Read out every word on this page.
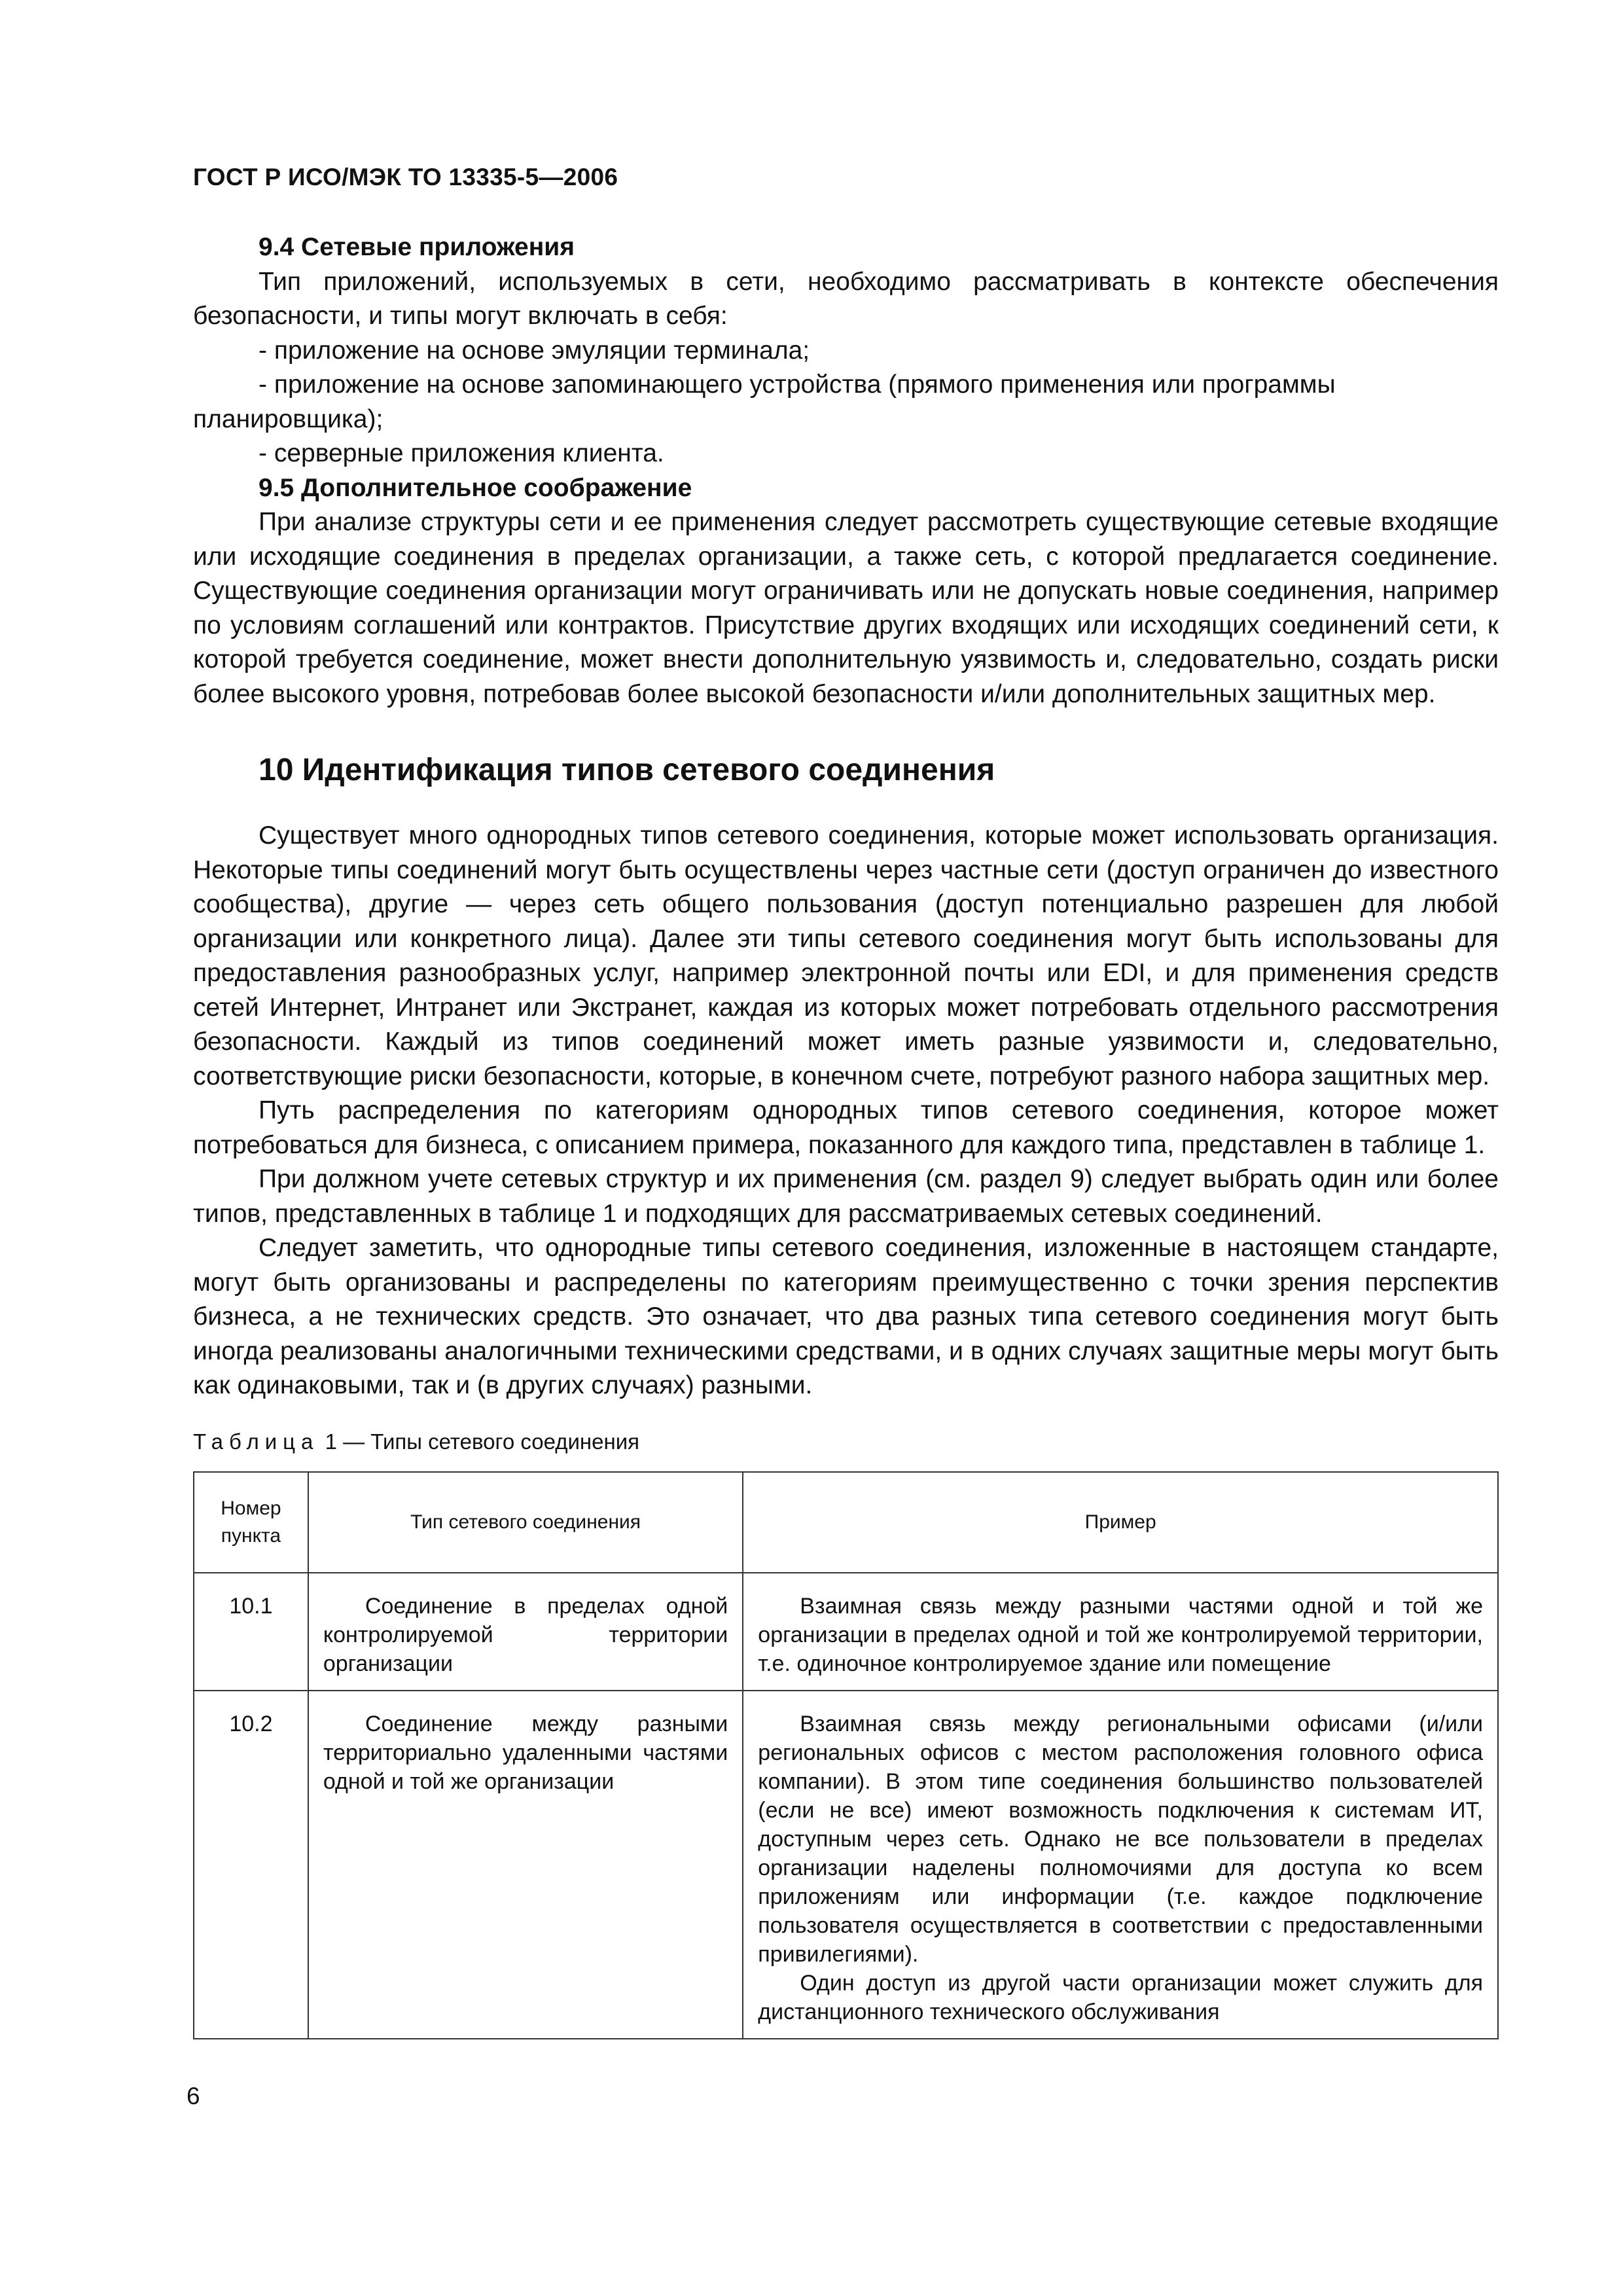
ГОСТ Р ИСО/МЭК ТО 13335-5—2006
9.4 Сетевые приложения

Тип приложений, используемых в сети, необходимо рассматривать в контексте обеспечения безопасности, и типы могут включать в себя:

- приложение на основе эмуляции терминала;

- приложение на основе запоминающего устройства (прямого применения или программы планировщика);

- серверные приложения клиента.

9.5 Дополнительное соображение

При анализе структуры сети и ее применения следует рассмотреть существующие сетевые входящие или исходящие соединения в пределах организации, а также сеть, с которой предлагается соединение. Существующие соединения организации могут ограничивать или не допускать новые соединения, например по условиям соглашений или контрактов. Присутствие других входящих или исходящих соединений сети, к которой требуется соединение, может внести дополнительную уязвимость и, следовательно, создать риски более высокого уровня, потребовав более высокой безопасности и/или дополнительных защитных мер.

10 Идентификация типов сетевого соединения

Существует много однородных типов сетевого соединения, которые может использовать организация. Некоторые типы соединений могут быть осуществлены через частные сети (доступ ограничен до известного сообщества), другие — через сеть общего пользования (доступ потенциально разрешен для любой организации или конкретного лица). Далее эти типы сетевого соединения могут быть использованы для предоставления разнообразных услуг, например электронной почты или EDI, и для применения средств сетей Интернет, Интранет или Экстранет, каждая из которых может потребовать отдельного рассмотрения безопасности. Каждый из типов соединений может иметь разные уязвимости и, следовательно, соответствующие риски безопасности, которые, в конечном счете, потребуют разного набора защитных мер.

Путь распределения по категориям однородных типов сетевого соединения, которое может потребоваться для бизнеса, с описанием примера, показанного для каждого типа, представлен в таблице 1.

При должном учете сетевых структур и их применения (см. раздел 9) следует выбрать один или более типов, представленных в таблице 1 и подходящих для рассматриваемых сетевых соединений.

Следует заметить, что однородные типы сетевого соединения, изложенные в настоящем стандарте, могут быть организованы и распределены по категориям преимущественно с точки зрения перспектив бизнеса, а не технических средств. Это означает, что два разных типа сетевого соединения могут быть иногда реализованы аналогичными техническими средствами, и в одних случаях защитные меры могут быть как одинаковыми, так и (в других случаях) разными.

Таблица 1 — Типы сетевого соединения
Номер
пункта	Тип сетевого соединения	Пример
10.1	Соединение в пределах одной контролируемой территории организации	Взаимная связь между разными частями одной и той же организации в пределах одной и той же контролируемой территории, т.е. одиночное контролируемое здание или помещение

10.2	Соединение между разными территориально удаленными частями одной и той же организации	Взаимная связь между региональными офисами (и/или региональных офисов с местом расположения головного офиса компании). В этом типе соединения большинство пользователей (если не все) имеют возможность подключения к системам ИТ, доступным через сеть. Однако не все пользователи в пределах организации наделены полномочиями для доступа ко всем приложениям или информации (т.е. каждое подключение пользователя осуществляется в соответствии с предоставленными привилегиями).
Один доступ из другой части организации может служить для дистанционного технического обслуживания
6
